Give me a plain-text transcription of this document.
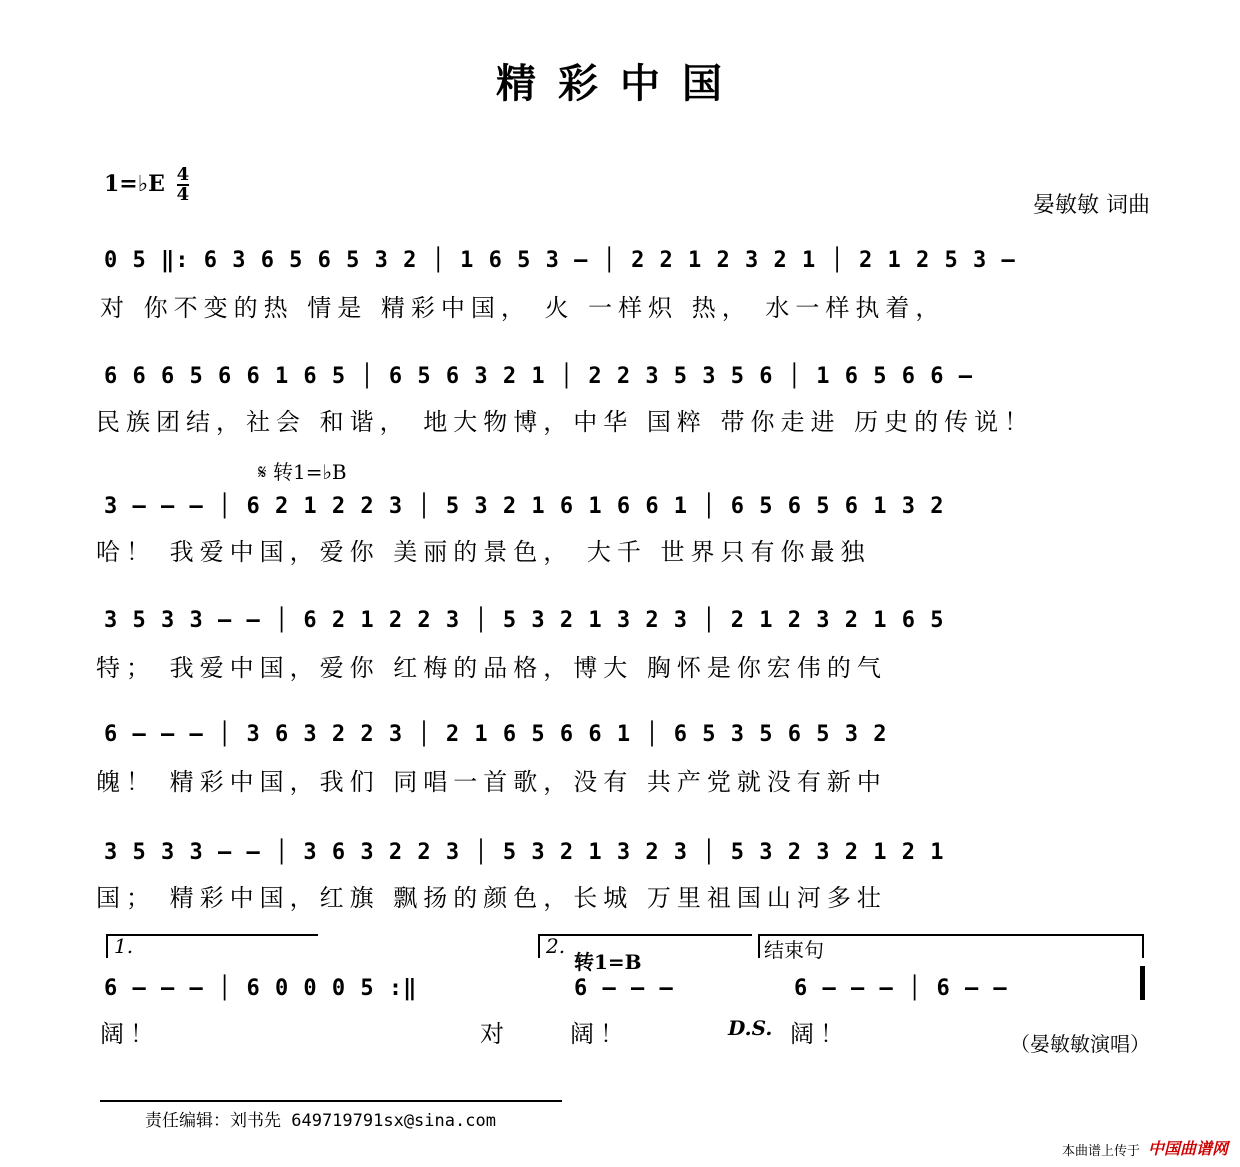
精彩中国
1=♭E $\frac{4}{4}$
晏敏敏 词曲
0 5 ‖: 6 3 6 5 6 5 3 2 │ 1 6 5 3 – │ 2 2 1 2 3 2 1 │ 2 1 2 5 3 –
对 你不变的热 情是 精彩中国， 火 一样炽 热， 水一样执着，
6 6 6 5 6 6 1 6 5 │ 6 5 6 3 2 1 │ 2 2 3 5 3 5 6 │ 1 6 5 6 6 –
民族团结，社会 和谐， 地大物博，中华 国粹 带你走进 历史的传说！
𝄋 转1=♭B
3 – – – │ 6 2 1 2 2 3 │ 5 3 2 1 6 1 6 6 1 │ 6 5 6 5 6 1 3 2
哈！ 我爱中国，爱你 美丽的景色， 大千 世界只有你最独
3 5 3 3 – – │ 6 2 1 2 2 3 │ 5 3 2 1 3 2 3 │ 2 1 2 3 2 1 6 5
特； 我爱中国，爱你 红梅的品格，博大 胸怀是你宏伟的气
6 – – – │ 3 6 3 2 2 3 │ 2 1 6 5 6 6 1 │ 6 5 3 5 6 5 3 2
魄！ 精彩中国，我们 同唱一首歌，没有 共产党就没有新中
3 5 3 3 – – │ 3 6 3 2 2 3 │ 5 3 2 1 3 2 3 │ 5 3 2 3 2 1 2 1
国； 精彩中国，红旗 飘扬的颜色，长城 万里祖国山河多壮
1.	2.
转1=B	结束句
6 – – – │ 6 0 0 0 5 :‖	6 – – –	6 – – – │ 6 – –
阔！	对	阔！	D.S. 阔！	（晏敏敏演唱）
责任编辑：刘书先 649719791sx@sina.com
本曲谱上传于 中国曲谱网
